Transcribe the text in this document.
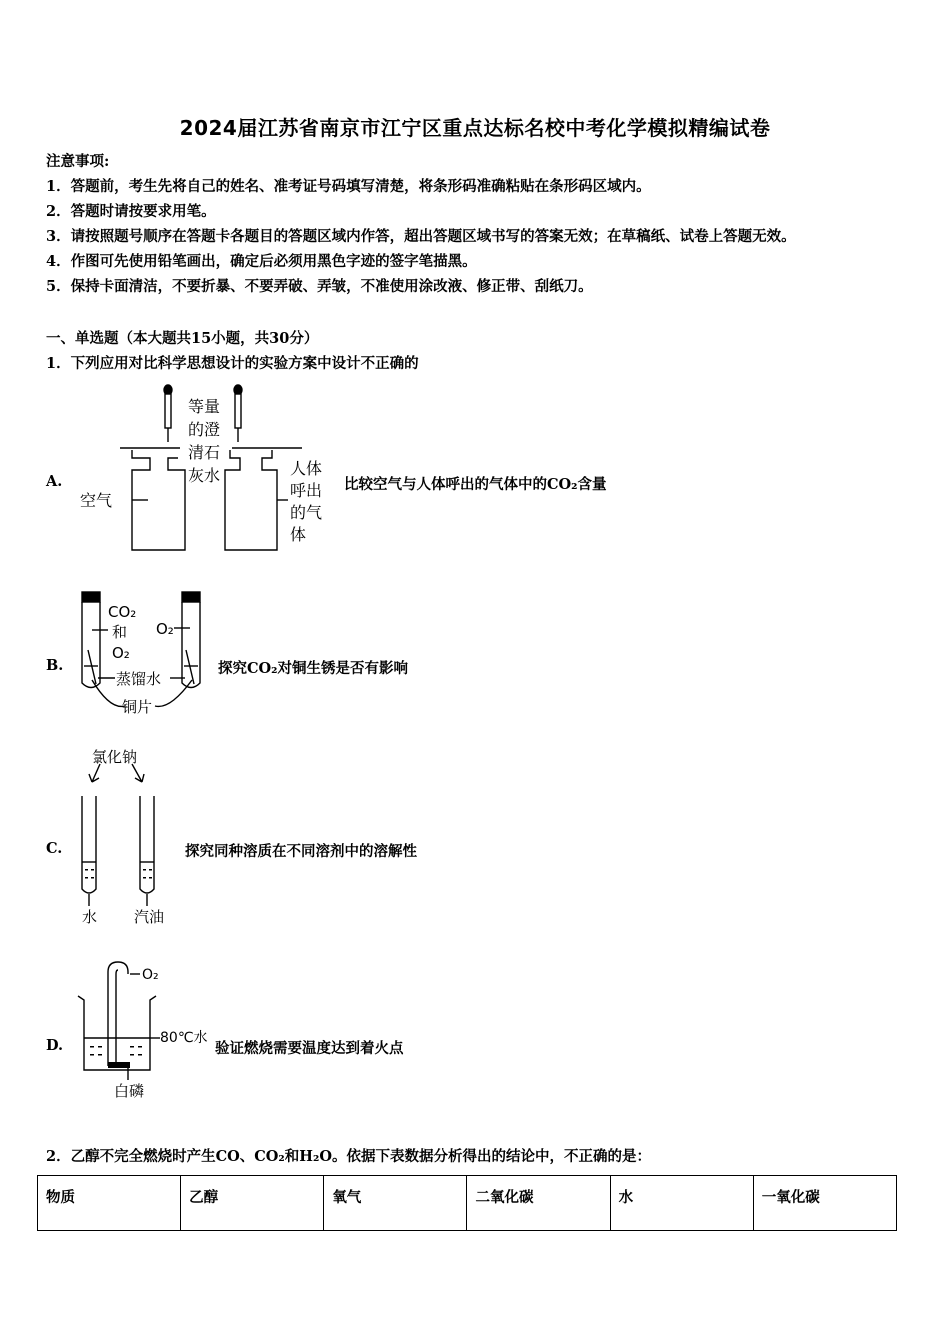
2024届江苏省南京市江宁区重点达标名校中考化学模拟精编试卷
注意事项:
1．答题前，考生先将自己的姓名、准考证号码填写清楚，将条形码准确粘贴在条形码区域内。
2．答题时请按要求用笔。
3．请按照题号顺序在答题卡各题目的答题区域内作答，超出答题区域书写的答案无效；在草稿纸、试卷上答题无效。
4．作图可先使用铅笔画出，确定后必须用黑色字迹的签字笔描黑。
5．保持卡面清洁，不要折暴、不要弄破、弄皱，不准使用涂改液、修正带、刮纸刀。
一、单选题（本大题共15小题，共30分）
1．下列应用对比科学思想设计的实验方案中设计不正确的
A.
等量
的澄
清石
灰水
空气
人体
呼出
的气
体
比较空气与人体呼出的气体中的CO₂含量
B.
CO₂
和
O₂
O₂
蒸馏水
铜片
探究CO₂对铜生锈是否有影响
C.
氯化钠
水 汽油
探究同种溶质在不同溶剂中的溶解性
D.
O₂
80℃水
白磷
验证燃烧需要温度达到着火点
2．乙醇不完全燃烧时产生CO、CO₂和H₂O。依据下表数据分析得出的结论中，不正确的是：
物质	乙醇	氧气	二氧化碳	水	一氧化碳
